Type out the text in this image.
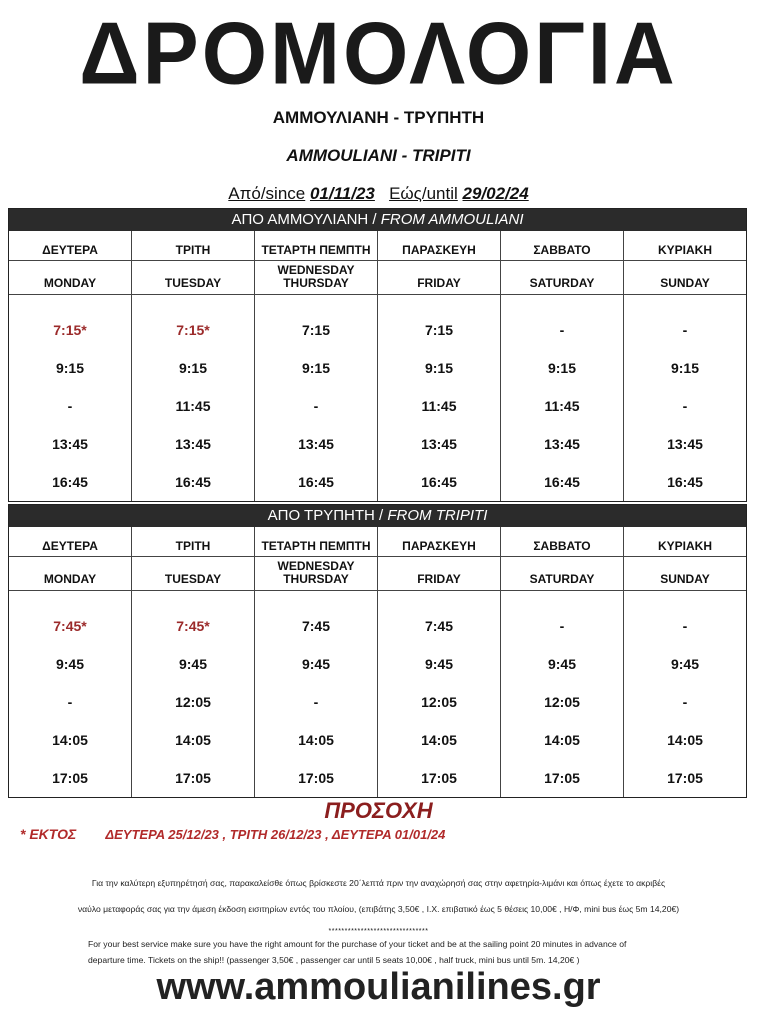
ΔΡΟΜΟΛΟΓΙΑ
ΑΜΜΟΥΛΙΑΝΗ - ΤΡΥΠΗΤΗ
AMMOULIANI - TRIPITI
Από/since 01/11/23 Εώς/until 29/02/24
ΑΠΟ ΑΜΜΟΥΛΙΑΝΗ / FROM AMMOULIANI
ΔΕΥΤΕΡΑ
MONDAY
7:15*
9:15
-
13:45
16:45
ΤΡΙΤΗ
TUESDAY
7:15*
9:15
11:45
13:45
16:45
ΤΕΤΑΡΤΗ ΠΕΜΠΤΗ
WEDNESDAY THURSDAY
7:15
9:15
-
13:45
16:45
ΠΑΡΑΣΚΕΥΗ
FRIDAY
7:15
9:15
11:45
13:45
16:45
ΣΑΒΒΑΤΟ
SATURDAY
-
9:15
11:45
13:45
16:45
ΚΥΡΙΑΚΗ
SUNDAY
-
9:15
-
13:45
16:45
ΑΠΟ ΤΡΥΠΗΤΗ / FROM TRIPITI
ΔΕΥΤΕΡΑ
MONDAY
7:45*
9:45
-
14:05
17:05
ΤΡΙΤΗ
TUESDAY
7:45*
9:45
12:05
14:05
17:05
ΤΕΤΑΡΤΗ ΠΕΜΠΤΗ
WEDNESDAY THURSDAY
7:45
9:45
-
14:05
17:05
ΠΑΡΑΣΚΕΥΗ
FRIDAY
7:45
9:45
12:05
14:05
17:05
ΣΑΒΒΑΤΟ
SATURDAY
-
9:45
12:05
14:05
17:05
ΚΥΡΙΑΚΗ
SUNDAY
-
9:45
-
14:05
17:05
ΠΡΟΣΟΧΗ
* ΕΚΤΟΣ ΔΕΥΤΕΡΑ 25/12/23 , ΤΡΙΤΗ 26/12/23 , ΔΕΥΤΕΡΑ 01/01/24
Για την καλύτερη εξυπηρέτησή σας, παρακαλείσθε όπως βρίσκεστε 20΄λεπτά πριν την αναχώρησή σας στην αφετηρία-λιμάνι και όπως έχετε το ακριβές
ναύλο μεταφοράς σας για την άμεση έκδοση εισιτηρίων εντός του πλοίου, (επιβάτης 3,50€ , Ι.Χ. επιβατικό έως 5 θέσεις 10,00€ , Η/Φ, mini bus έως 5m 14,20€)
*******************************
For your best service make sure you have the right amount for the purchase of your ticket and be at the sailing point 20 minutes in advance of
departure time. Tickets on the ship!! (passenger 3,50€ , passenger car until 5 seats 10,00€ , half truck, mini bus until 5m. 14,20€ )
www.ammoulianilines.gr
